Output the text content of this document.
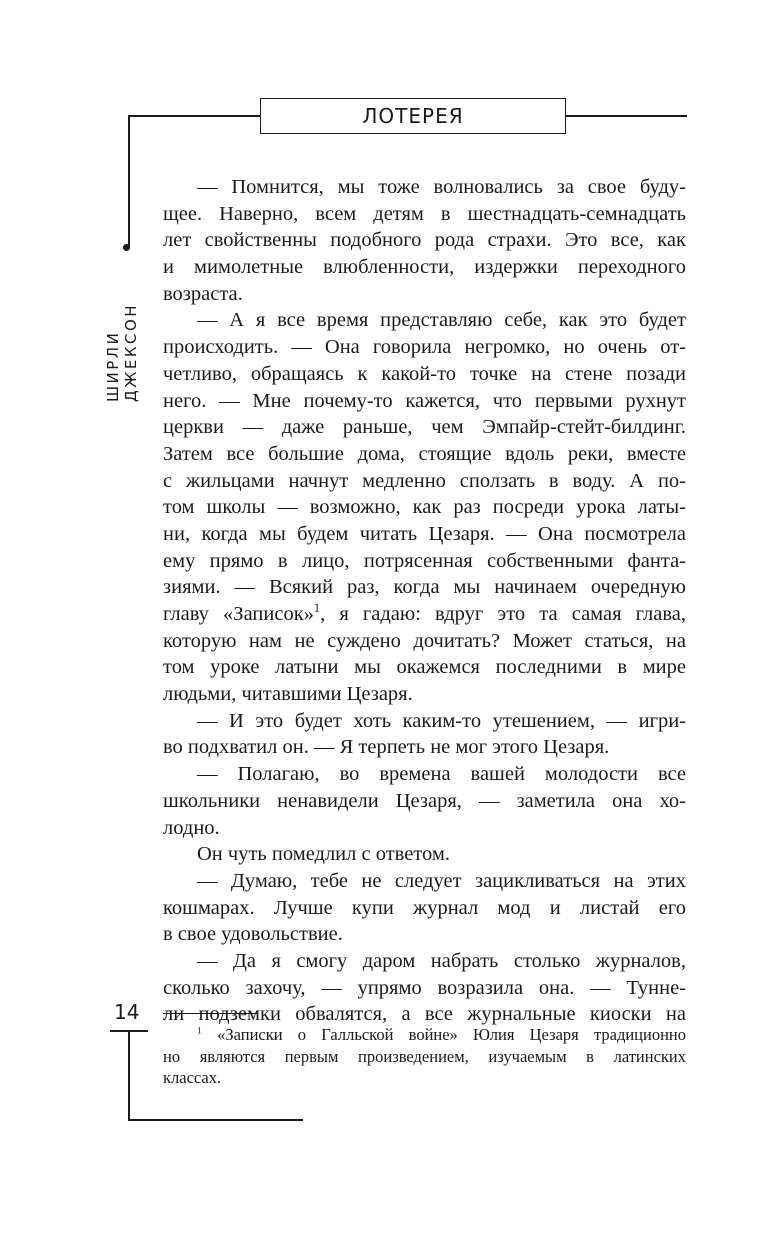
ЛОТЕРЕЯ
ШИРЛИ ДЖЕКСОН
14
— Помнится, мы тоже волновались за свое буду-
щее. Наверно, всем детям в шестнадцать-семнадцать
лет свойственны подобного рода страхи. Это все, как
и мимолетные влюбленности, издержки переходного
возраста.
— А я все время представляю себе, как это будет
происходить. — Она говорила негромко, но очень от-
четливо, обращаясь к какой-то точке на стене позади
него. — Мне почему-то кажется, что первыми рухнут
церкви — даже раньше, чем Эмпайр-стейт-билдинг.
Затем все большие дома, стоящие вдоль реки, вместе
с жильцами начнут медленно сползать в воду. А по-
том школы — возможно, как раз посреди урока латы-
ни, когда мы будем читать Цезаря. — Она посмотрела
ему прямо в лицо, потрясенная собственными фанта-
зиями. — Всякий раз, когда мы начинаем очередную
главу «Записок»$^1$, я гадаю: вдруг это та самая глава,
которую нам не суждено дочитать? Может статься, на
том уроке латыни мы окажемся последними в мире
людьми, читавшими Цезаря.
— И это будет хоть каким-то утешением, — игри-
во подхватил он. — Я терпеть не мог этого Цезаря.
— Полагаю, во времена вашей молодости все
школьники ненавидели Цезаря, — заметила она хо-
лодно.
Он чуть помедлил с ответом.
— Думаю, тебе не следует зацикливаться на этих
кошмарах. Лучше купи журнал мод и листай его
в свое удовольствие.
— Да я смогу даром набрать столько журналов,
сколько захочу, — упрямо возразила она. — Тунне-
ли подземки обвалятся, а все журнальные киоски на
$^1$ «Записки о Галльской войне» Юлия Цезаря традиционно
но являются первым произведением, изучаемым в латинских
классах.
